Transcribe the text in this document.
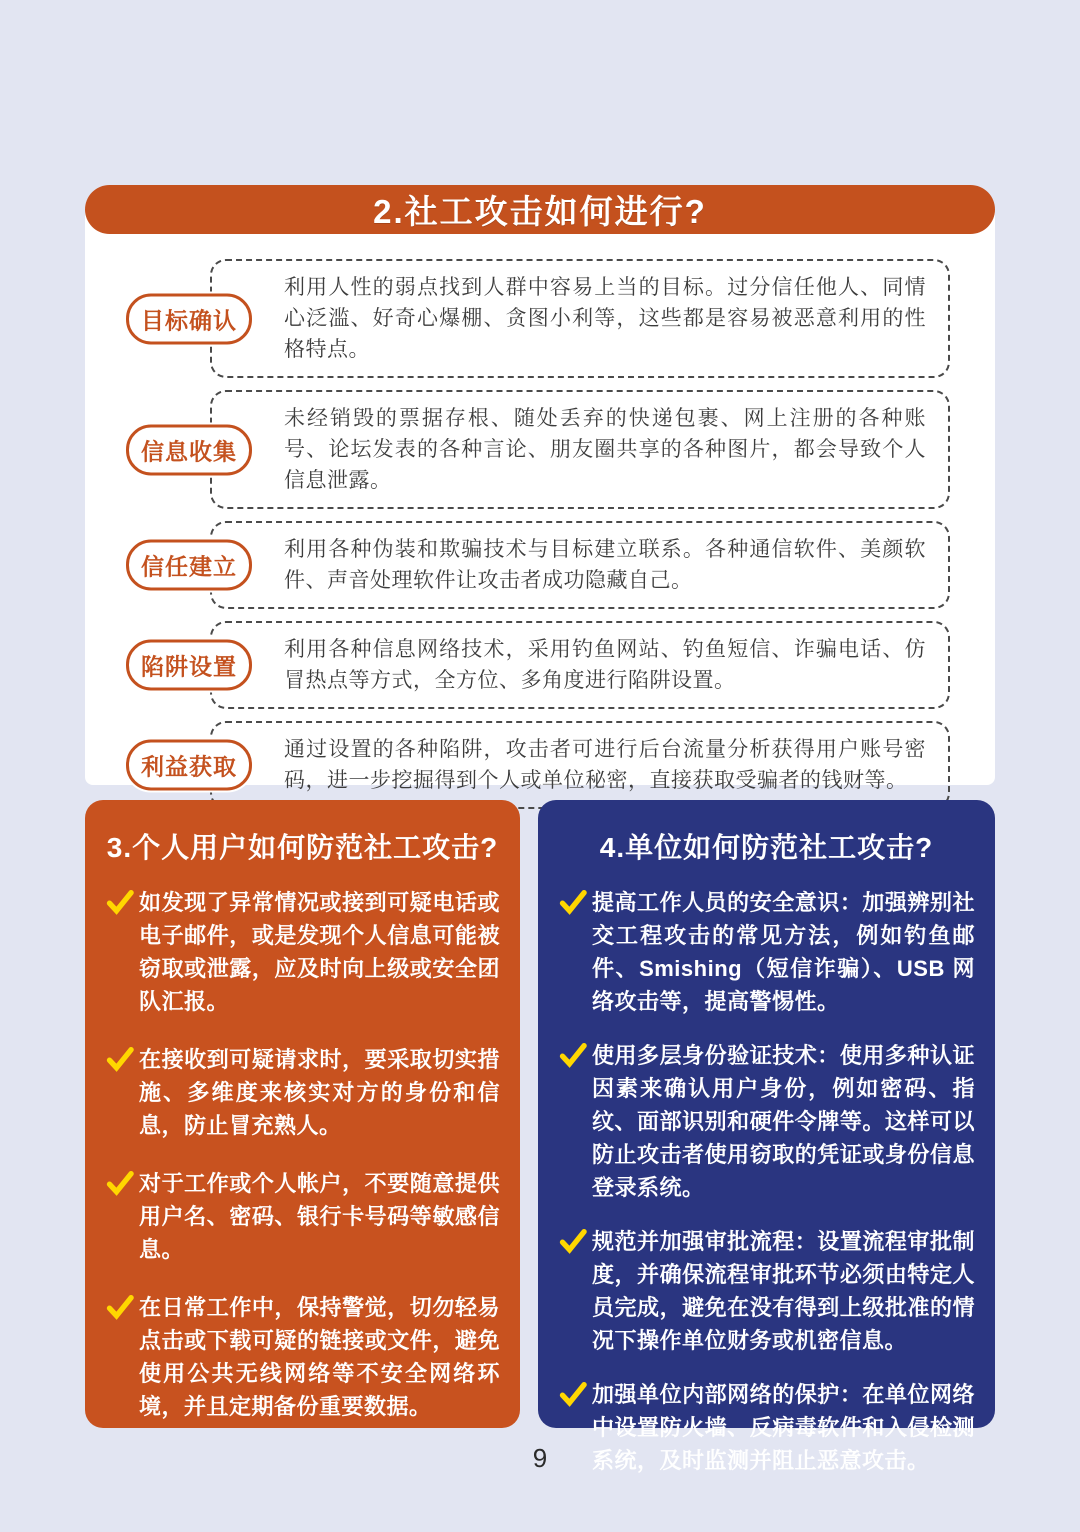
2.社工攻击如何进行?
目标确认
利用人性的弱点找到人群中容易上当的目标。过分信任他人、同情心泛滥、好奇心爆棚、贪图小利等，这些都是容易被恶意利用的性格特点。
信息收集
未经销毁的票据存根、随处丢弃的快递包裹、网上注册的各种账号、论坛发表的各种言论、朋友圈共享的各种图片，都会导致个人信息泄露。
信任建立
利用各种伪装和欺骗技术与目标建立联系。各种通信软件、美颜软件、声音处理软件让攻击者成功隐藏自己。
陷阱设置
利用各种信息网络技术，采用钓鱼网站、钓鱼短信、诈骗电话、仿冒热点等方式，全方位、多角度进行陷阱设置。
利益获取
通过设置的各种陷阱，攻击者可进行后台流量分析获得用户账号密码，进一步挖掘得到个人或单位秘密，直接获取受骗者的钱财等。
3.个人用户如何防范社工攻击?
如发现了异常情况或接到可疑电话或电子邮件，或是发现个人信息可能被窃取或泄露，应及时向上级或安全团队汇报。
在接收到可疑请求时，要采取切实措施、多维度来核实对方的身份和信息，防止冒充熟人。
对于工作或个人帐户，不要随意提供用户名、密码、银行卡号码等敏感信息。
在日常工作中，保持警觉，切勿轻易点击或下载可疑的链接或文件，避免使用公共无线网络等不安全网络环境，并且定期备份重要数据。
4.单位如何防范社工攻击?
提高工作人员的安全意识：加强辨别社交工程攻击的常见方法，例如钓鱼邮件、Smishing（短信诈骗）、USB 网络攻击等，提高警惕性。
使用多层身份验证技术：使用多种认证因素来确认用户身份，例如密码、指纹、面部识别和硬件令牌等。这样可以防止攻击者使用窃取的凭证或身份信息登录系统。
规范并加强审批流程：设置流程审批制度，并确保流程审批环节必须由特定人员完成，避免在没有得到上级批准的情况下操作单位财务或机密信息。
加强单位内部网络的保护：在单位网络中设置防火墙、反病毒软件和入侵检测系统，及时监测并阻止恶意攻击。
9
